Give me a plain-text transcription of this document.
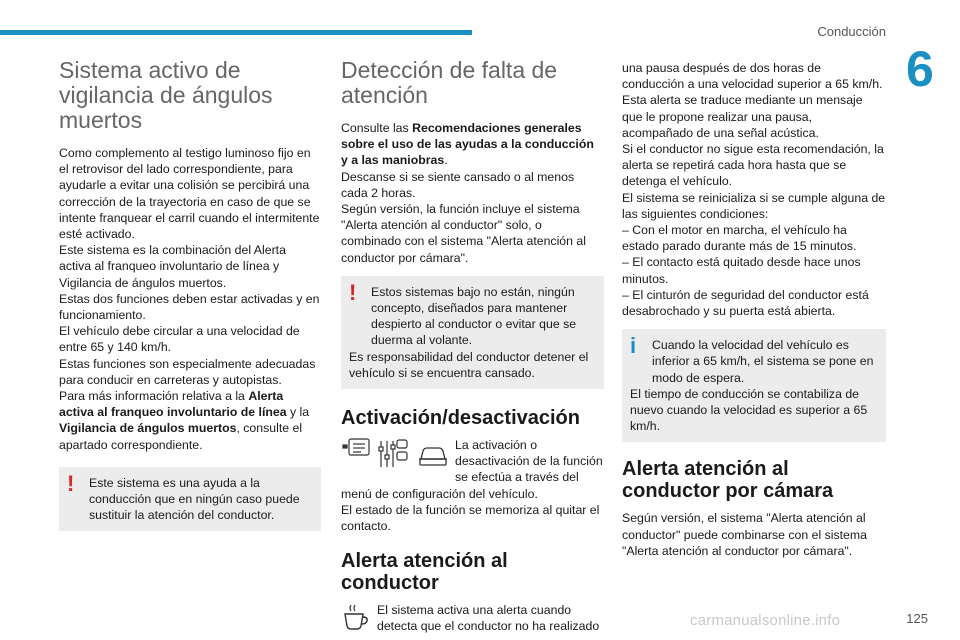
Conducción
6
Sistema activo de vigilancia de ángulos muertos

Como complemento al testigo luminoso fijo en el retrovisor del lado correspondiente, para ayudarle a evitar una colisión se percibirá una corrección de la trayectoria en caso de que se intente franquear el carril cuando el intermitente esté activado.

Este sistema es la combinación del Alerta activa al franqueo involuntario de línea y Vigilancia de ángulos muertos.

Estas dos funciones deben estar activadas y en funcionamiento.

El vehículo debe circular a una velocidad de entre 65 y 140 km/h.

Estas funciones son especialmente adecuadas para conducir en carreteras y autopistas.

Para más información relativa a la Alerta activa al franqueo involuntario de línea y la Vigilancia de ángulos muertos, consulte el apartado correspondiente.

! Este sistema es una ayuda a la conducción que en ningún caso puede sustituir la atención del conductor.

Detección de falta de atención

Consulte las Recomendaciones generales sobre el uso de las ayudas a la conducción y a las maniobras.

Descanse si se siente cansado o al menos cada 2 horas.

Según versión, la función incluye el sistema "Alerta atención al conductor" solo, o combinado con el sistema "Alerta atención al conductor por cámara".

! Estos sistemas bajo no están, ningún concepto, diseñados para mantener despierto al conductor o evitar que se duerma al volante.

Es responsabilidad del conductor detener el vehículo si se encuentra cansado.

Activación/desactivación

La activación o desactivación de la función se efectúa a través del menú de configuración del vehículo.

El estado de la función se memoriza al quitar el contacto.

Alerta atención al conductor

El sistema activa una alerta cuando detecta que el conductor no ha realizado

una pausa después de dos horas de conducción a una velocidad superior a 65 km/h.

Esta alerta se traduce mediante un mensaje que le propone realizar una pausa, acompañado de una señal acústica.

Si el conductor no sigue esta recomendación, la alerta se repetirá cada hora hasta que se detenga el vehículo.

El sistema se reinicializa si se cumple alguna de las siguientes condiciones:

– Con el motor en marcha, el vehículo ha estado parado durante más de 15 minutos.

– El contacto está quitado desde hace unos minutos.

– El cinturón de seguridad del conductor está desabrochado y su puerta está abierta.

i Cuando la velocidad del vehículo es inferior a 65 km/h, el sistema se pone en modo de espera.

El tiempo de conducción se contabiliza de nuevo cuando la velocidad es superior a 65 km/h.

Alerta atención al conductor por cámara

Según versión, el sistema "Alerta atención al conductor" puede combinarse con el sistema "Alerta atención al conductor por cámara".

carmanualsonline.info	125
